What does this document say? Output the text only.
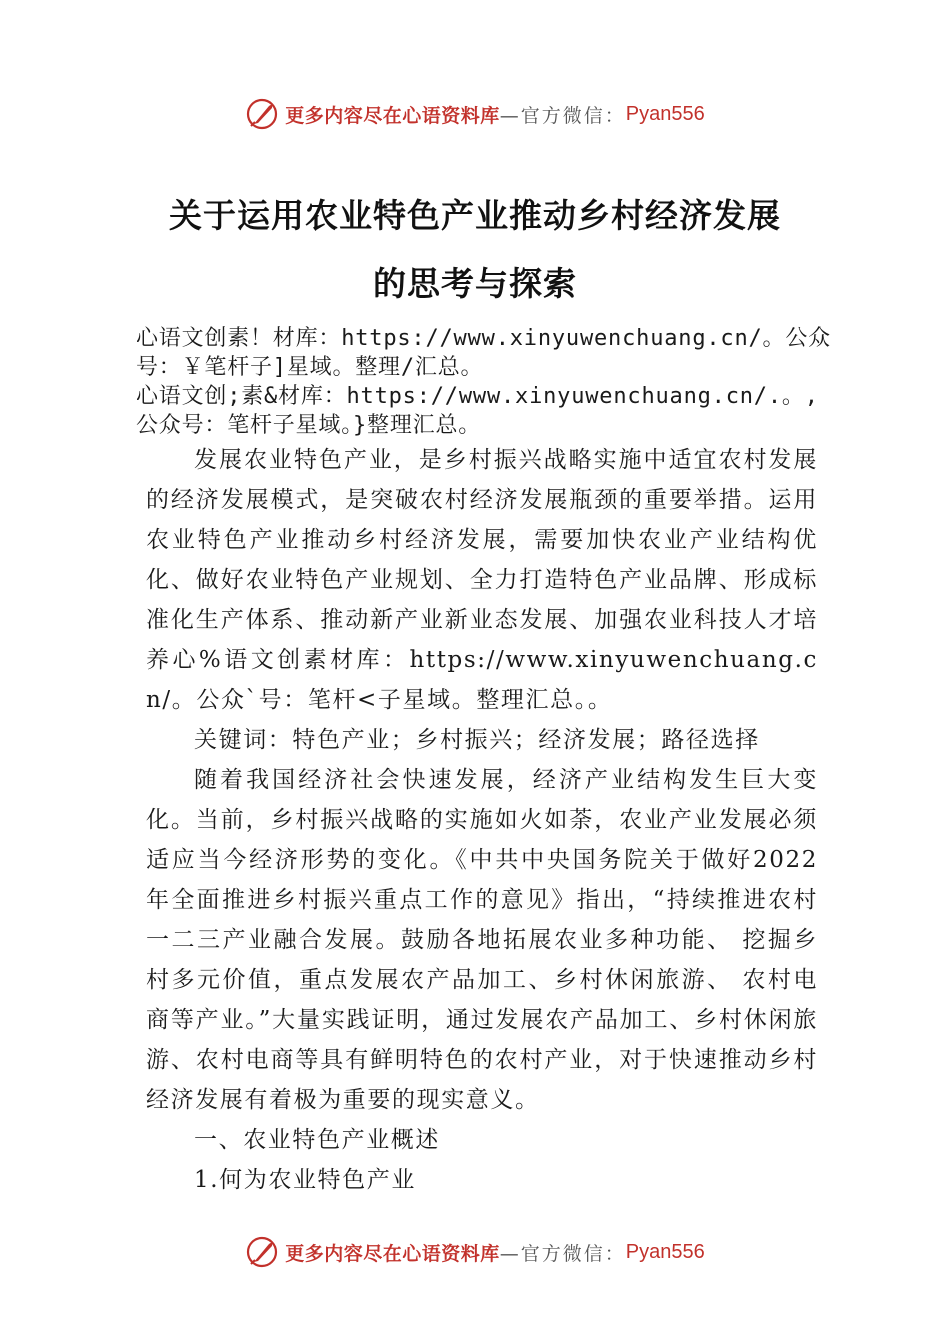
更多内容尽在心语资料库 —官方微信： Pyan556
关于运用农业特色产业推动乡村经济发展
的思考与探索

心语文创素！材库：https://www.xinyuwenchuang.cn/。公众号：￥笔杆子]星域。整理/汇总。

心语文创;素&材库：https://www.xinyuwenchuang.cn/.。,公众号：笔杆子星域。}整理汇总。

发展农业特色产业，是乡村振兴战略实施中适宜农村发展的经济发展模式，是突破农村经济发展瓶颈的重要举措。运用农业特色产业推动乡村经济发展，需要加快农业产业结构优化、做好农业特色产业规划、全力打造特色产业品牌、形成标准化生产体系、推动新产业新业态发展、加强农业科技人才培养心%语文创素材库：https://www.xinyuwenchuang.cn/。公众`号：笔杆<子星域。整理汇总。。

关键词：特色产业；乡村振兴；经济发展；路径选择

随着我国经济社会快速发展，经济产业结构发生巨大变化。当前，乡村振兴战略的实施如火如荼，农业产业发展必须适应当今经济形势的变化。《中共中央国务院关于做好2022 年全面推进乡村振兴重点工作的意见》指出，“持续推进农村一二三产业融合发展。鼓励各地拓展农业多种功能、 挖掘乡村多元价值，重点发展农产品加工、乡村休闲旅游、 农村电商等产业。”大量实践证明，通过发展农产品加工、乡村休闲旅游、农村电商等具有鲜明特色的农村产业，对于快速推动乡村经济发展有着极为重要的现实意义。

一、农业特色产业概述

1.何为农业特色产业

更多内容尽在心语资料库 —官方微信： Pyan556
